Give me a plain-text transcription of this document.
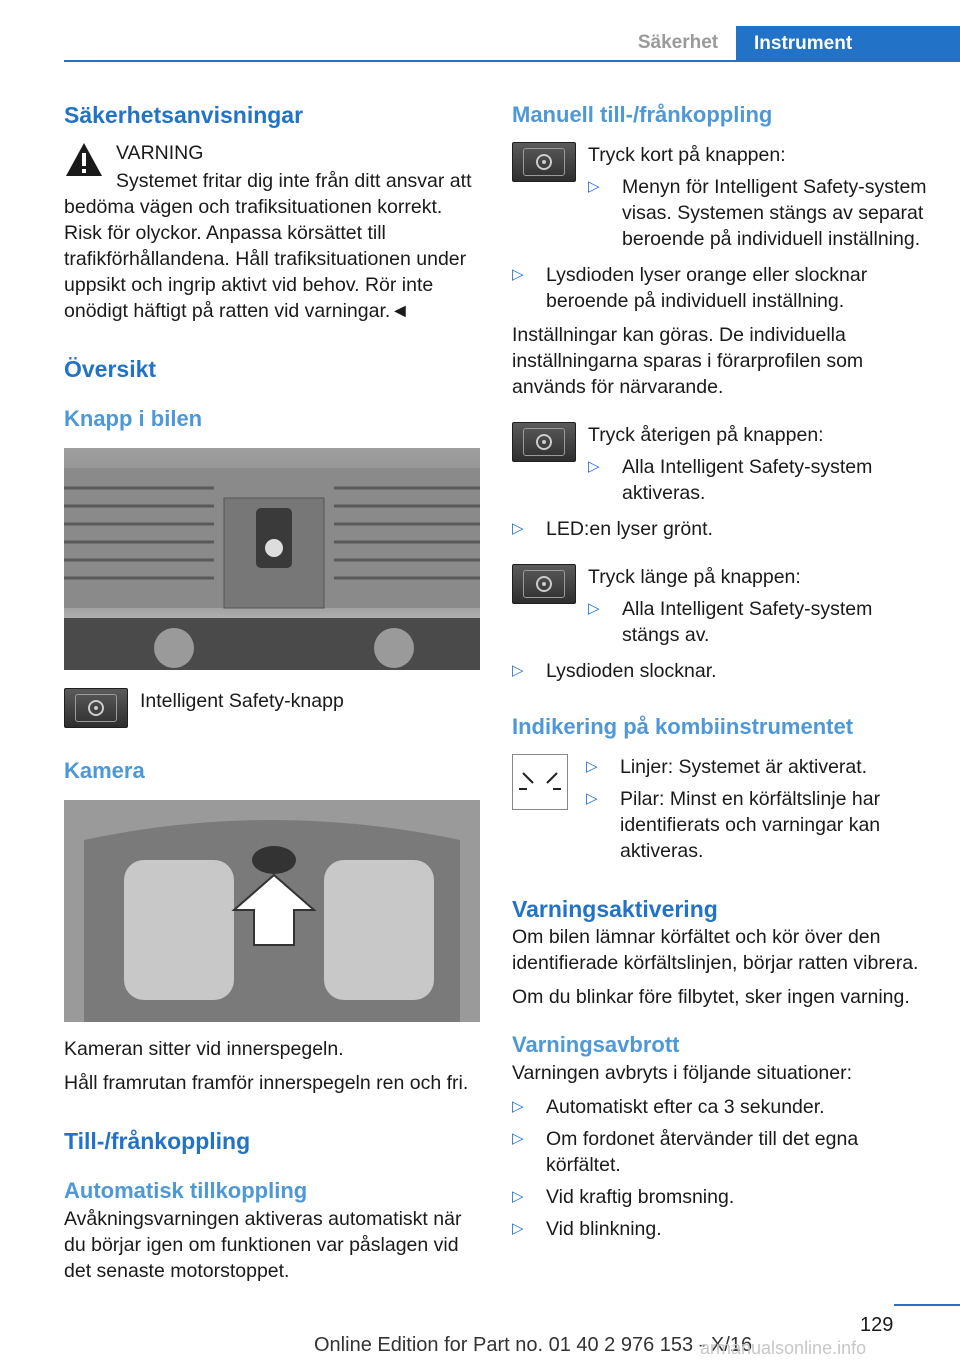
Säkerhet	Instrument
Säkerhetsanvisningar

VARNING

Systemet fritar dig inte från ditt ansvar att bedöma vägen och trafiksituationen korrekt. Risk för olyckor. Anpassa körsättet till trafikförhållandena. Håll trafiksituationen under uppsikt och ingrip aktivt vid behov. Rör inte onödigt häftigt på ratten vid varningar.◄

Översikt
Knapp i bilen

Intelligent Safety-knapp

Kamera

Kameran sitter vid innerspegeln.

Håll framrutan framför innerspegeln ren och fri.

Till-/frånkoppling
Automatisk tillkoppling

Avåkningsvarningen aktiveras automatiskt när du börjar igen om funktionen var påslagen vid det senaste motorstoppet.

Manuell till-/frånkoppling

Tryck kort på knappen:

▷	Menyn för Intelligent Safety-system visas. Systemen stängs av separat beroende på individuell inställning.
▷	Lysdioden lyser orange eller slocknar beroende på individuell inställning.

Inställningar kan göras. De individuella inställningarna sparas i förarprofilen som används för närvarande.

Tryck återigen på knappen:

▷	Alla Intelligent Safety-system aktiveras.
▷	LED:en lyser grönt.

Tryck länge på knappen:

▷	Alla Intelligent Safety-system stängs av.
▷	Lysdioden slocknar.
Indikering på kombiinstrumentet
▷	Linjer: Systemet är aktiverat.
▷	Pilar: Minst en körfältslinje har identifierats och varningar kan aktiveras.
Varningsaktivering

Om bilen lämnar körfältet och kör över den identifierade körfältslinjen, börjar ratten vibrera.

Om du blinkar före filbytet, sker ingen varning.

Varningsavbrott

Varningen avbryts i följande situationer:

▷	Automatiskt efter ca 3 sekunder.
▷	Om fordonet återvänder till det egna körfältet.
▷	Vid kraftig bromsning.
▷	Vid blinkning.
129
Online Edition for Part no. 01 40 2 976 153 - X/16
armanualsonline.info
